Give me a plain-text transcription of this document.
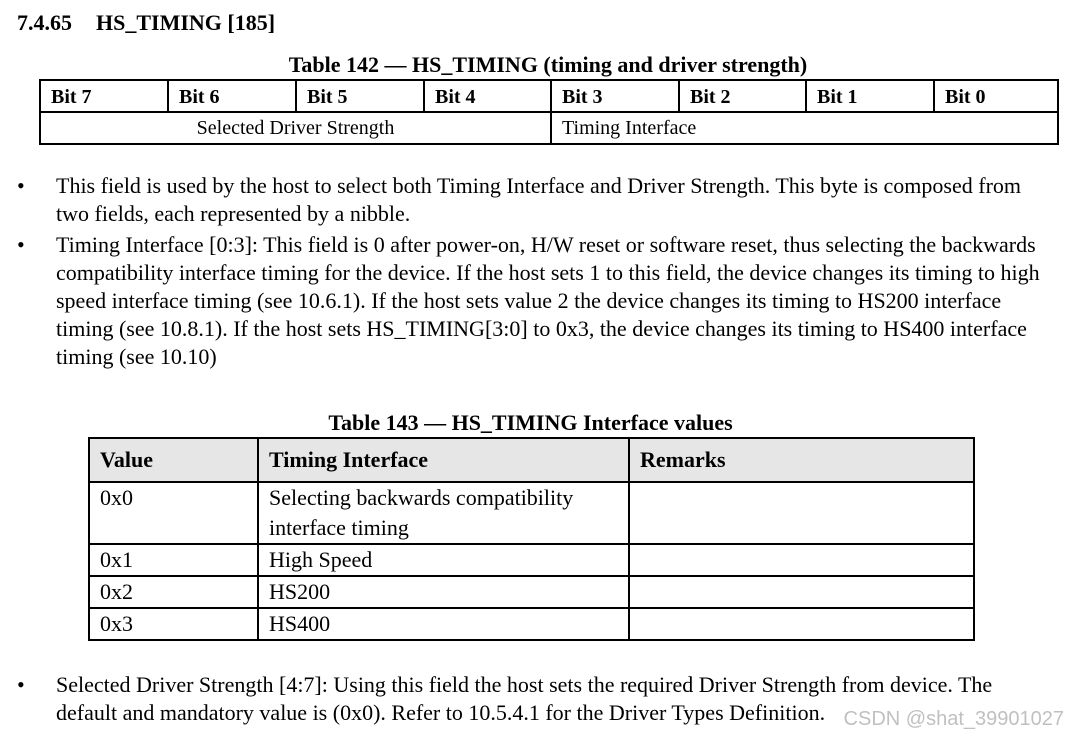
7.4.65 HS_TIMING [185]
Table 142 — HS_TIMING (timing and driver strength)
Bit 7	Bit 6	Bit 5	Bit 4	Bit 3	Bit 2	Bit 1	Bit 0
Selected Driver Strength				Timing Interface			
• This field is used by the host to select both Timing Interface and Driver Strength. This byte is composed from two fields, each represented by a nibble.
• Timing Interface [0:3]: This field is 0 after power-on, H/W reset or software reset, thus selecting the backwards compatibility interface timing for the device. If the host sets 1 to this field, the device changes its timing to high speed interface timing (see 10.6.1). If the host sets value 2 the device changes its timing to HS200 interface timing (see 10.8.1). If the host sets HS_TIMING[3:0] to 0x3, the device changes its timing to HS400 interface timing (see 10.10)
Table 143 — HS_TIMING Interface values
Value	Timing Interface	Remarks
0x0	Selecting backwards compatibility interface timing	
0x1	High Speed	
0x2	HS200	
0x3	HS400	
• Selected Driver Strength [4:7]: Using this field the host sets the required Driver Strength from device. The default and mandatory value is (0x0). Refer to 10.5.4.1 for the Driver Types Definition. CSDN @shat_39901027
